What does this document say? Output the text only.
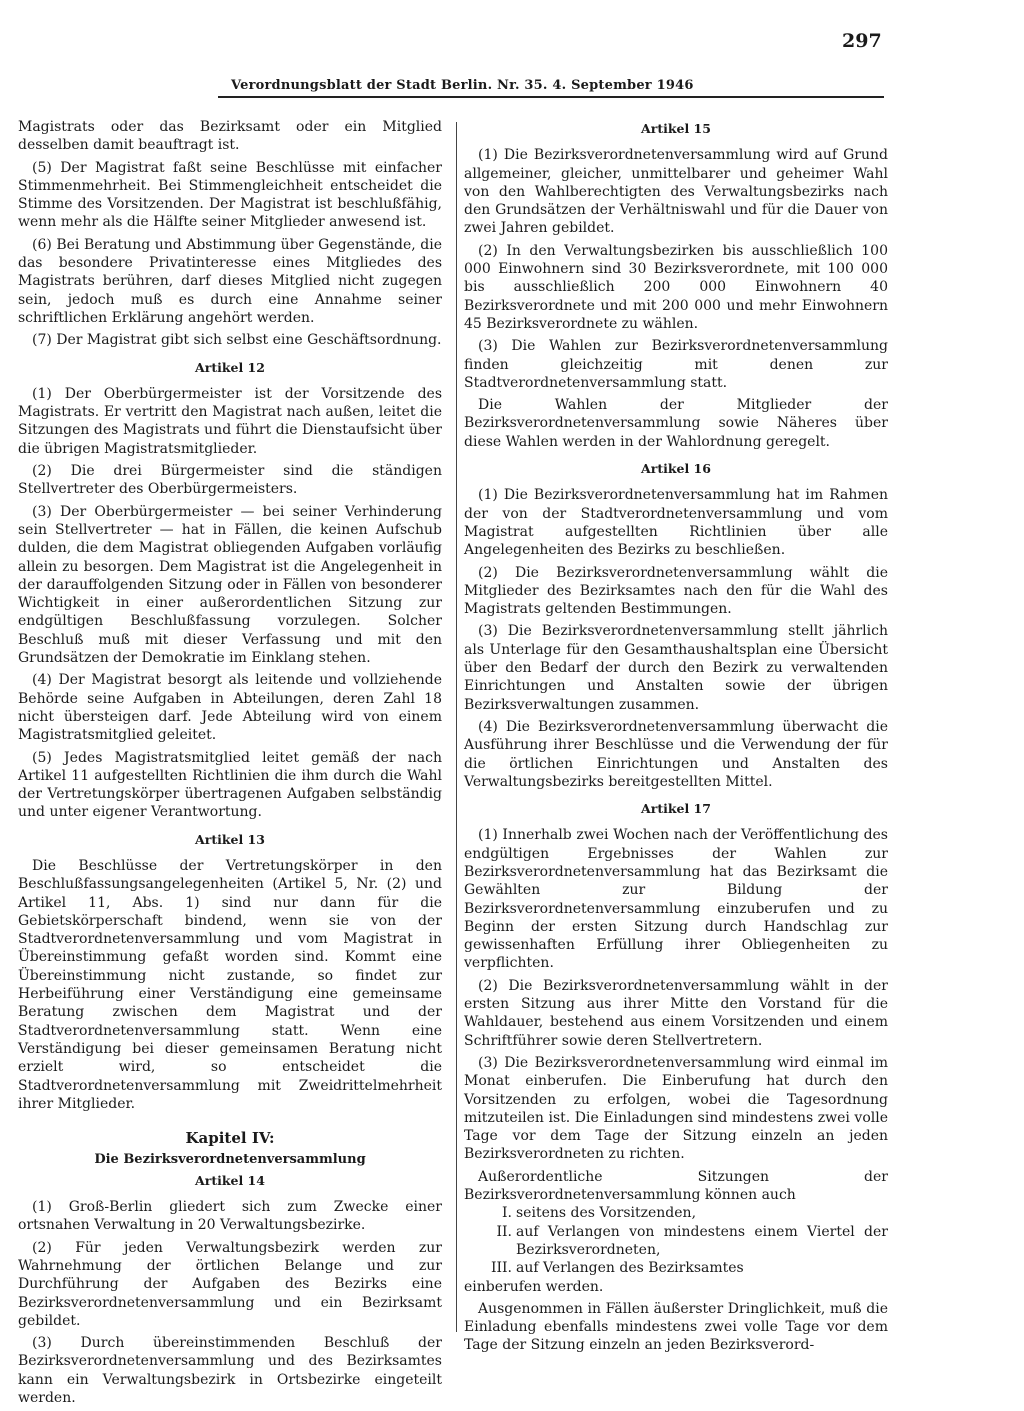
297
Verordnungsblatt der Stadt Berlin. Nr. 35. 4. September 1946

Magistrats oder das Bezirksamt oder ein Mitglied desselben damit beauftragt ist.

(5) Der Magistrat faßt seine Beschlüsse mit einfacher Stimmenmehrheit. Bei Stimmengleichheit entscheidet die Stimme des Vorsitzenden. Der Magistrat ist beschlußfähig, wenn mehr als die Hälfte seiner Mitglieder anwesend ist.

(6) Bei Beratung und Abstimmung über Gegenstände, die das besondere Privatinteresse eines Mitgliedes des Magistrats berühren, darf dieses Mitglied nicht zugegen sein, jedoch muß es durch eine Annahme seiner schriftlichen Erklärung angehört werden.

(7) Der Magistrat gibt sich selbst eine Geschäftsordnung.

Artikel 12

(1) Der Oberbürgermeister ist der Vorsitzende des Magistrats. Er vertritt den Magistrat nach außen, leitet die Sitzungen des Magistrats und führt die Dienstaufsicht über die übrigen Magistratsmitglieder.

(2) Die drei Bürgermeister sind die ständigen Stellvertreter des Oberbürgermeisters.

(3) Der Oberbürgermeister — bei seiner Verhinderung sein Stellvertreter — hat in Fällen, die keinen Aufschub dulden, die dem Magistrat obliegenden Aufgaben vorläufig allein zu besorgen. Dem Magistrat ist die Angelegenheit in der darauffolgenden Sitzung oder in Fällen von besonderer Wichtigkeit in einer außerordentlichen Sitzung zur endgültigen Beschlußfassung vorzulegen. Solcher Beschluß muß mit dieser Verfassung und mit den Grundsätzen der Demokratie im Einklang stehen.

(4) Der Magistrat besorgt als leitende und vollziehende Behörde seine Aufgaben in Abteilungen, deren Zahl 18 nicht übersteigen darf. Jede Abteilung wird von einem Magistratsmitglied geleitet.

(5) Jedes Magistratsmitglied leitet gemäß der nach Artikel 11 aufgestellten Richtlinien die ihm durch die Wahl der Vertretungskörper übertragenen Aufgaben selbständig und unter eigener Verantwortung.

Artikel 13

Die Beschlüsse der Vertretungskörper in den Beschlußfassungsangelegenheiten (Artikel 5, Nr. (2) und Artikel 11, Abs. 1) sind nur dann für die Gebietskörperschaft bindend, wenn sie von der Stadtverordnetenversammlung und vom Magistrat in Übereinstimmung gefaßt worden sind. Kommt eine Übereinstimmung nicht zustande, so findet zur Herbeiführung einer Verständigung eine gemeinsame Beratung zwischen dem Magistrat und der Stadtverordnetenversammlung statt. Wenn eine Verständigung bei dieser gemeinsamen Beratung nicht erzielt wird, so entscheidet die Stadtverordnetenversammlung mit Zweidrittelmehrheit ihrer Mitglieder.

Kapitel IV:
Die Bezirksverordnetenversammlung
Artikel 14

(1) Groß-Berlin gliedert sich zum Zwecke einer ortsnahen Verwaltung in 20 Verwaltungsbezirke.

(2) Für jeden Verwaltungsbezirk werden zur Wahrnehmung der örtlichen Belange und zur Durchführung der Aufgaben des Bezirks eine Bezirksverordnetenversammlung und ein Bezirksamt gebildet.

(3) Durch übereinstimmenden Beschluß der Bezirksverordnetenversammlung und des Bezirksamtes kann ein Verwaltungsbezirk in Ortsbezirke eingeteilt werden.

Artikel 15

(1) Die Bezirksverordnetenversammlung wird auf Grund allgemeiner, gleicher, unmittelbarer und geheimer Wahl von den Wahlberechtigten des Verwaltungsbezirks nach den Grundsätzen der Verhältniswahl und für die Dauer von zwei Jahren gebildet.

(2) In den Verwaltungsbezirken bis ausschließlich 100 000 Einwohnern sind 30 Bezirksverordnete, mit 100 000 bis ausschließlich 200 000 Einwohnern 40 Bezirksverordnete und mit 200 000 und mehr Einwohnern 45 Bezirksverordnete zu wählen.

(3) Die Wahlen zur Bezirksverordnetenversammlung finden gleichzeitig mit denen zur Stadtverordnetenversammlung statt.

Die Wahlen der Mitglieder der Bezirksverordnetenversammlung sowie Näheres über diese Wahlen werden in der Wahlordnung geregelt.

Artikel 16

(1) Die Bezirksverordnetenversammlung hat im Rahmen der von der Stadtverordnetenversammlung und vom Magistrat aufgestellten Richtlinien über alle Angelegenheiten des Bezirks zu beschließen.

(2) Die Bezirksverordnetenversammlung wählt die Mitglieder des Bezirksamtes nach den für die Wahl des Magistrats geltenden Bestimmungen.

(3) Die Bezirksverordnetenversammlung stellt jährlich als Unterlage für den Gesamthaushaltsplan eine Übersicht über den Bedarf der durch den Bezirk zu verwaltenden Einrichtungen und Anstalten sowie der übrigen Bezirksverwaltungen zusammen.

(4) Die Bezirksverordnetenversammlung überwacht die Ausführung ihrer Beschlüsse und die Verwendung der für die örtlichen Einrichtungen und Anstalten des Verwaltungsbezirks bereitgestellten Mittel.

Artikel 17

(1) Innerhalb zwei Wochen nach der Veröffentlichung des endgültigen Ergebnisses der Wahlen zur Bezirksverordnetenversammlung hat das Bezirksamt die Gewählten zur Bildung der Bezirksverordnetenversammlung einzuberufen und zu Beginn der ersten Sitzung durch Handschlag zur gewissenhaften Erfüllung ihrer Obliegenheiten zu verpflichten.

(2) Die Bezirksverordnetenversammlung wählt in der ersten Sitzung aus ihrer Mitte den Vorstand für die Wahldauer, bestehend aus einem Vorsitzenden und einem Schriftführer sowie deren Stellvertretern.

(3) Die Bezirksverordnetenversammlung wird einmal im Monat einberufen. Die Einberufung hat durch den Vorsitzenden zu erfolgen, wobei die Tagesordnung mitzuteilen ist. Die Einladungen sind mindestens zwei volle Tage vor dem Tage der Sitzung einzeln an jeden Bezirksverordneten zu richten.

Außerordentliche Sitzungen der Bezirksverordnetenversammlung können auch

I. seitens des Vorsitzenden,
II. auf Verlangen von mindestens einem Viertel der Bezirksverordneten,
III. auf Verlangen des Bezirksamtes

einberufen werden.

Ausgenommen in Fällen äußerster Dringlichkeit, muß die Einladung ebenfalls mindestens zwei volle Tage vor dem Tage der Sitzung einzeln an jeden Bezirksverord-
